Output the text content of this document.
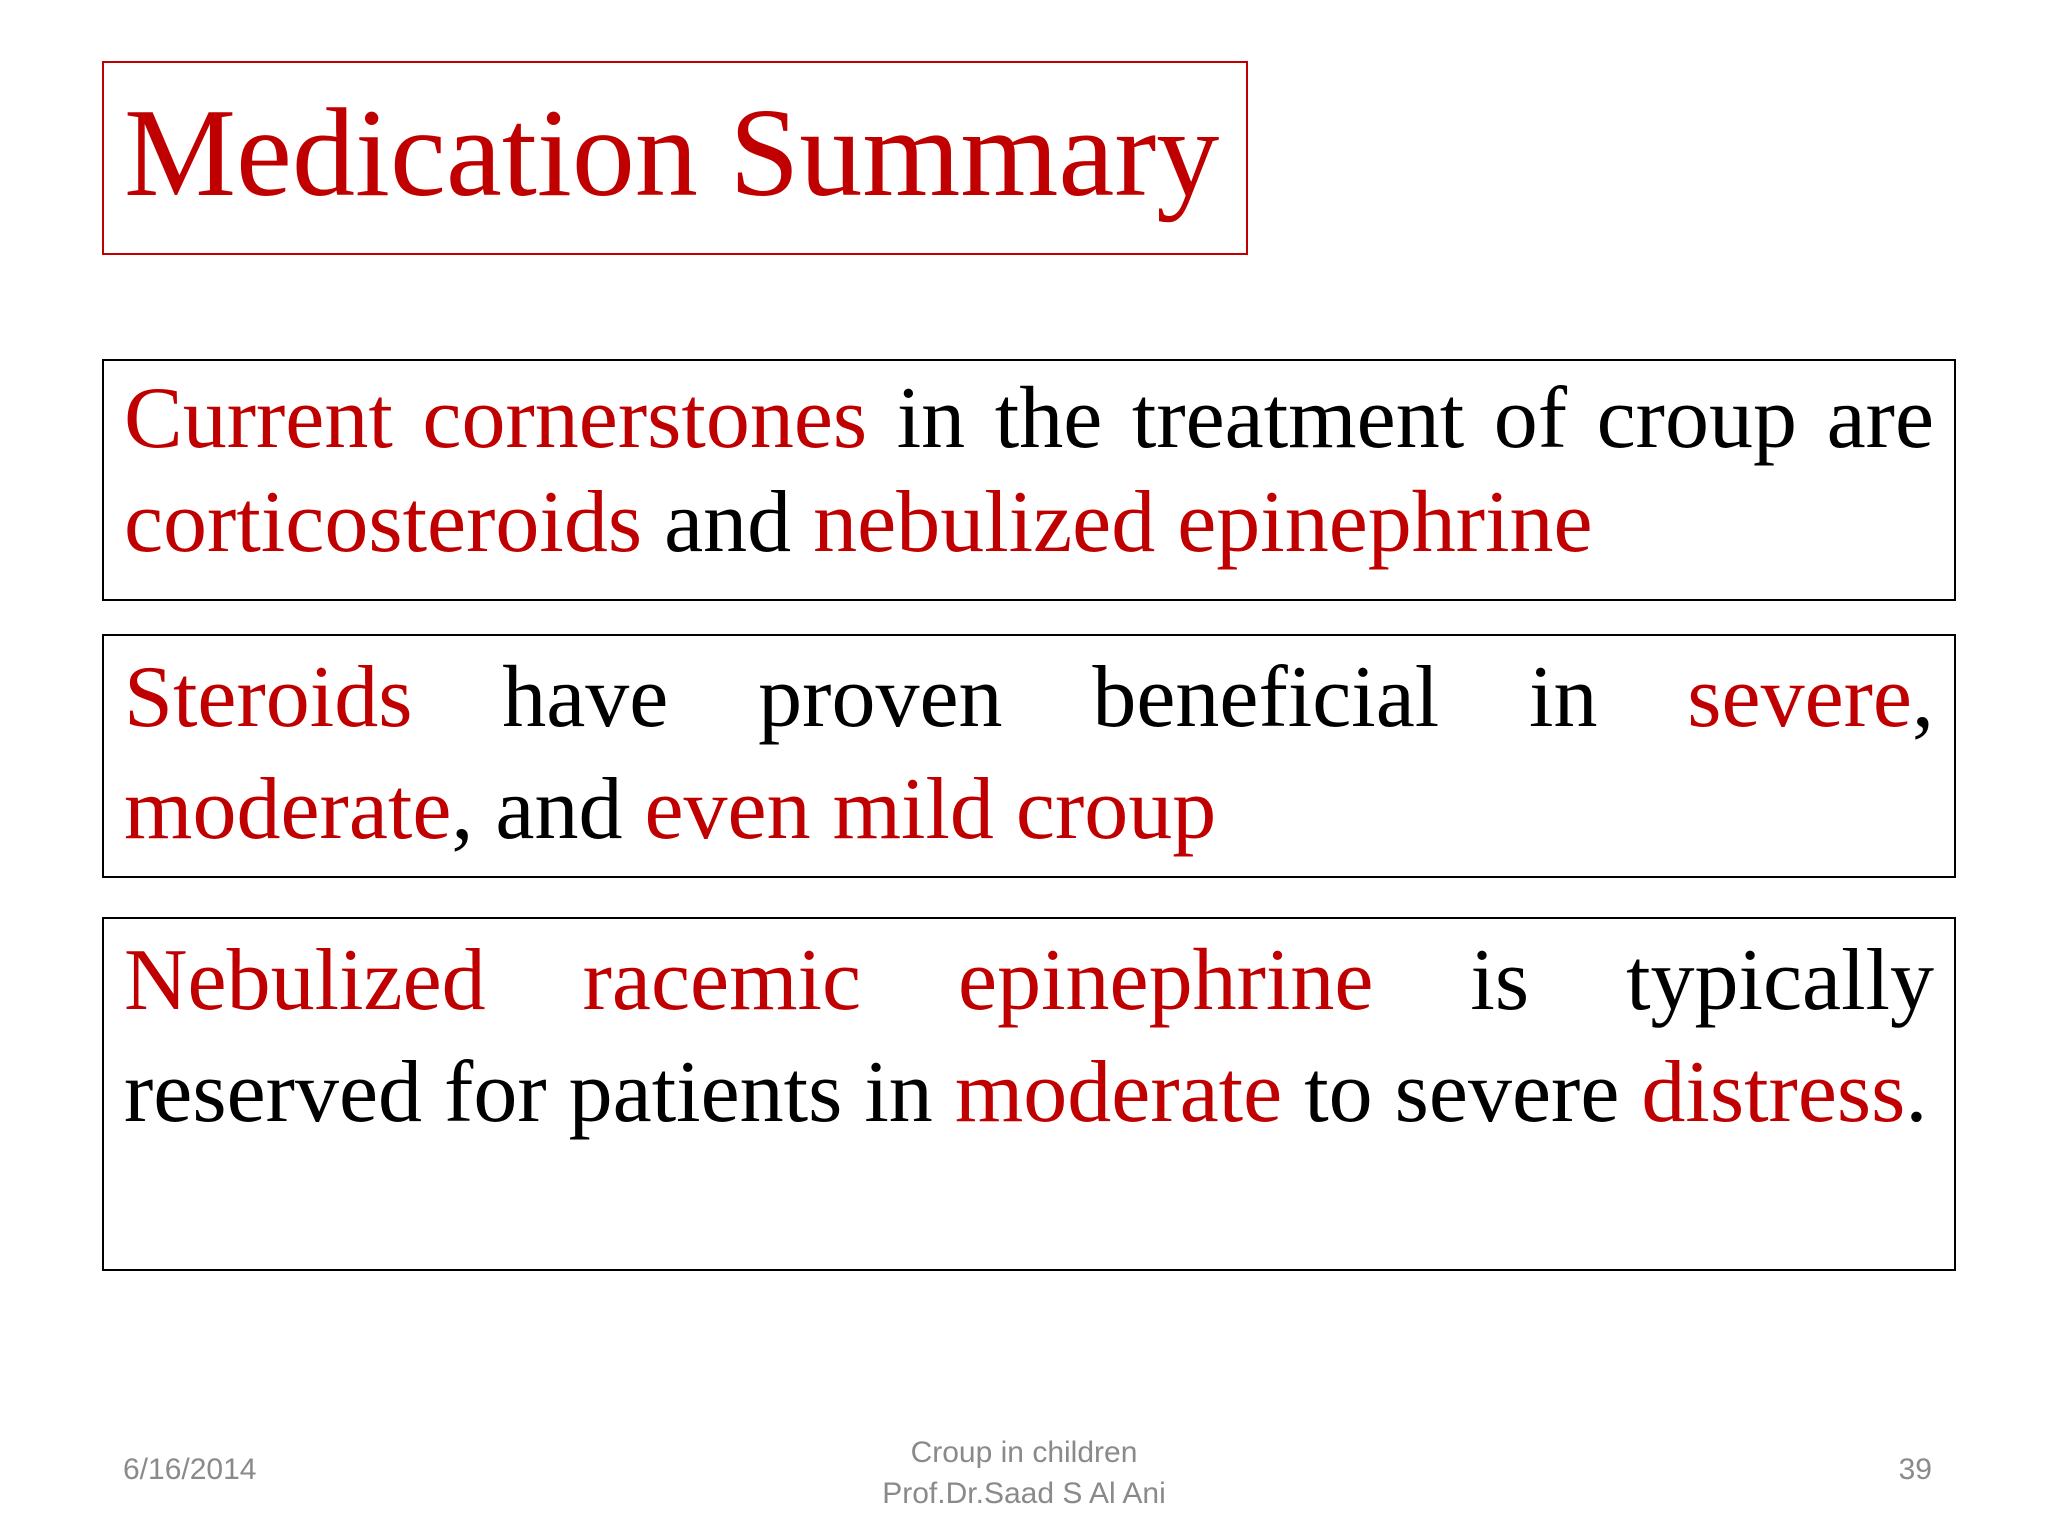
Medication Summary

Current cornerstones in the treatment of croup are corticosteroids and nebulized epinephrine

Steroids have proven beneficial in severe, moderate, and even mild croup

Nebulized racemic epinephrine is typically reserved for patients in moderate to severe distress.

6/16/2014
Croup in children
Prof.Dr.Saad S Al Ani
39
